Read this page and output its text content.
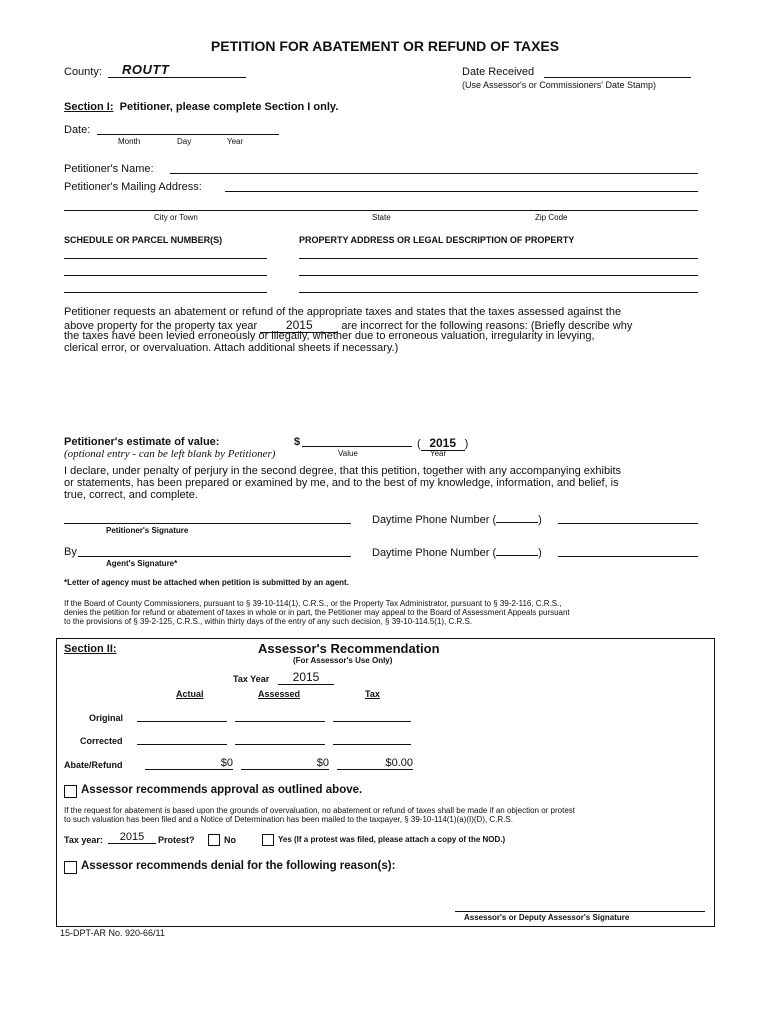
PETITION FOR ABATEMENT OR REFUND OF TAXES
County: ROUTT	Date Received
(Use Assessor's or Commissioners' Date Stamp)
Section I: Petitioner, please complete Section I only.
Date:
Month	Day	Year
Petitioner's Name:
Petitioner's Mailing Address:
City or Town	State	Zip Code
SCHEDULE OR PARCEL NUMBER(S)	PROPERTY ADDRESS OR LEGAL DESCRIPTION OF PROPERTY
Petitioner requests an abatement or refund of the appropriate taxes and states that the taxes assessed against the
above property for the property tax year 2015	are incorrect for the following reasons: (Briefly describe why
the taxes have been levied erroneously or illegally, whether due to erroneous valuation, irregularity in levying,
clerical error, or overvaluation. Attach additional sheets if necessary.)
Petitioner's estimate of value:	$	( 2015 )
(optional entry - can be left blank by Petitioner)	Value	Year
I declare, under penalty of perjury in the second degree, that this petition, together with any accompanying exhibits
or statements, has been prepared or examined by me, and to the best of my knowledge, information, and belief, is
true, correct, and complete.
Petitioner's Signature
Daytime Phone Number (	)
By
Agent's Signature*
Daytime Phone Number (	)
*Letter of agency must be attached when petition is submitted by an agent.
If the Board of County Commissioners, pursuant to § 39-10-114(1), C.R.S., or the Property Tax Administrator, pursuant to § 39-2-116, C.R.S.,
denies the petition for refund or abatement of taxes in whole or in part, the Petitioner may appeal to the Board of Assessment Appeals pursuant
to the provisions of § 39-2-125, C.R.S., within thirty days of the entry of any such decision, § 39-10-114.5(1), C.R.S.
Section II:	Assessor's Recommendation
(For Assessor's Use Only)
Tax Year	2015
Actual	Assessed	Tax
Original
Corrected
Abate/Refund	$0	$0	$0.00
Assessor recommends approval as outlined above.
If the request for abatement is based upon the grounds of overvaluation, no abatement or refund of taxes shall be made if an objection or protest
to such valuation has been filed and a Notice of Determination has been mailed to the taxpayer, § 39-10-114(1)(a)(I)(D), C.R.S.
Tax year:	2015	Protest?	No	Yes (If a protest was filed, please attach a copy of the NOD.)
Assessor recommends denial for the following reason(s):
Assessor's or Deputy Assessor's Signature
15-DPT-AR No. 920-66/11
